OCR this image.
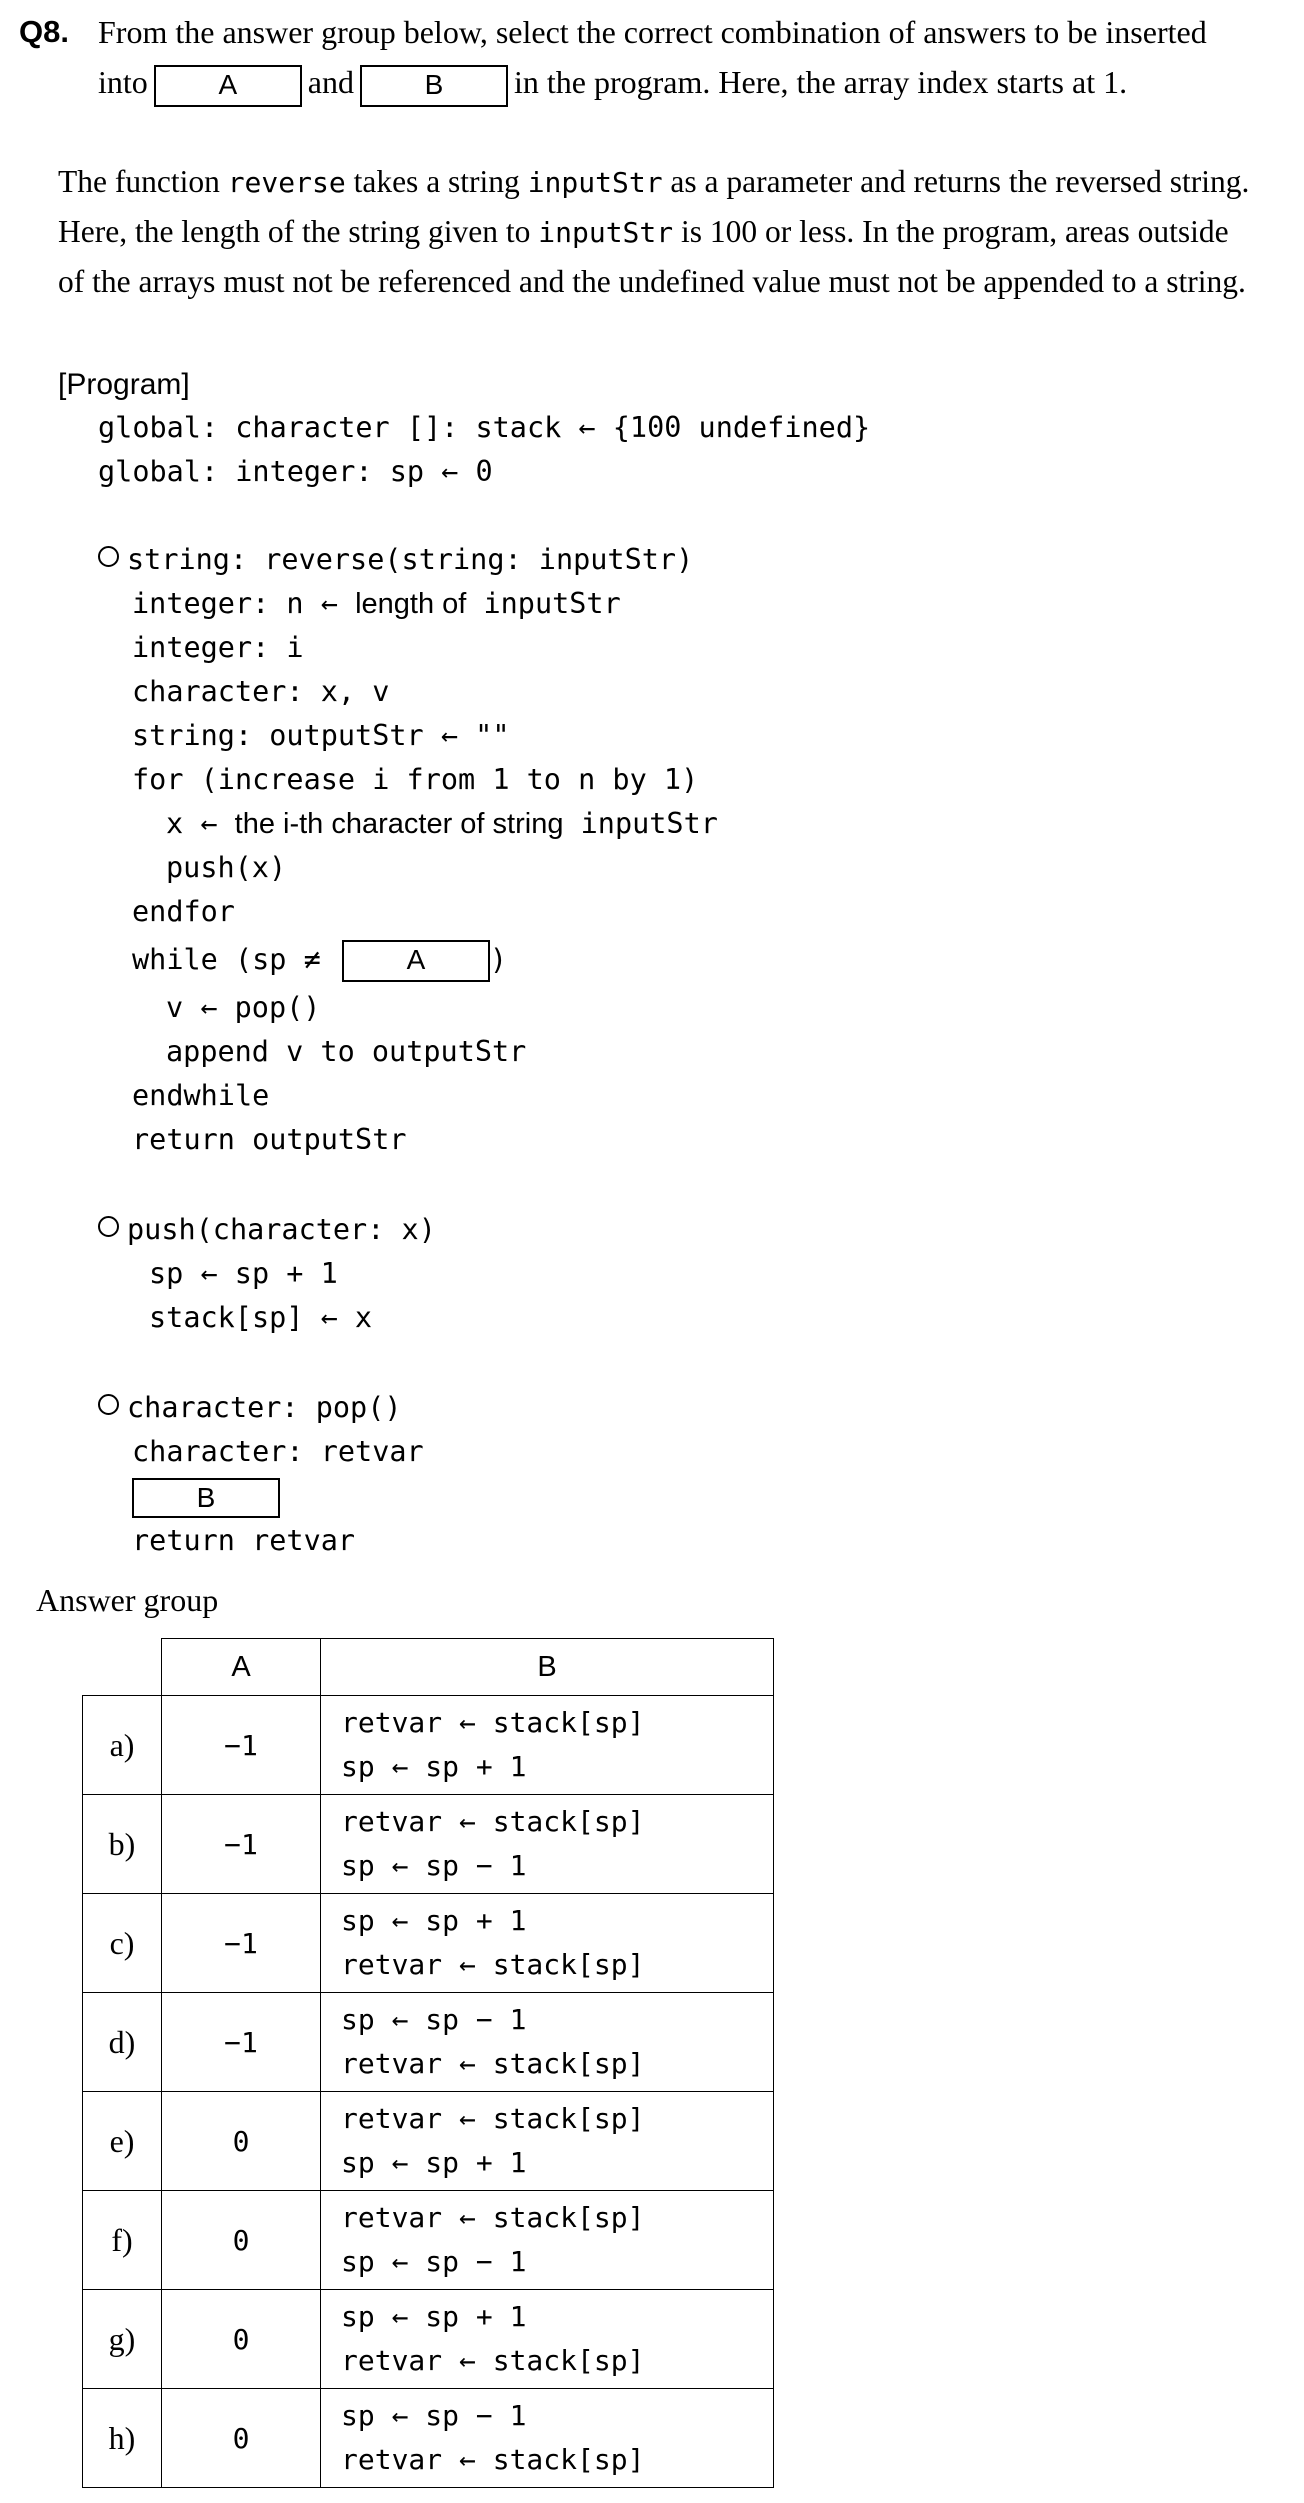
Q8. From the answer group below, select the correct combination of answers to be inserted
into	A and	B in the program. Here, the array index starts at 1.
The function reverse takes a string inputStr as a parameter and returns the reversed string.
Here, the length of the string given to inputStr is 100 or less. In the program, areas outside
of the arrays must not be referenced and the undefined value must not be appended to a string.
[Program]
global: character []: stack ← {100 undefined}
global: integer: sp ← 0
string: reverse(string: inputStr)
integer: n ← length of inputStr
integer: i
character: x, v
string: outputStr ← ""
for (increase i from 1 to n by 1)
x ← the i-th character of string inputStr
push(x)
endfor
while (sp ≠ A )
v ← pop()
append v to outputStr
endwhile
return outputStr
push(character: x)
sp ← sp + 1
stack[sp] ← x
character: pop()
character: retvar
B
return retvar
Answer group
	A	B
a)	−1	retvar ← stack[sp]
sp ← sp + 1

b)	−1	retvar ← stack[sp]
sp ← sp − 1

c)	−1	sp ← sp + 1
retvar ← stack[sp]

d)	−1	sp ← sp − 1
retvar ← stack[sp]

e)	0	retvar ← stack[sp]
sp ← sp + 1

f)	0	retvar ← stack[sp]
sp ← sp − 1

g)	0	sp ← sp + 1
retvar ← stack[sp]

h)	0	sp ← sp − 1
retvar ← stack[sp]
